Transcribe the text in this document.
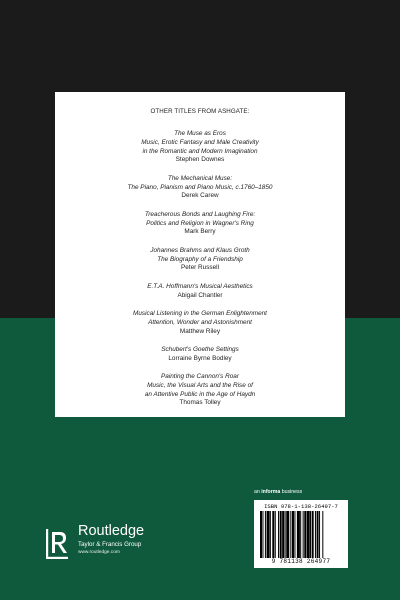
OTHER TITLES FROM ASHGATE:
The Muse as Eros
Music, Erotic Fantasy and Male Creativity
in the Romantic and Modern Imagination
Stephen Downes
The Mechanical Muse:
The Piano, Pianism and Piano Music, c.1760–1850
Derek Carew
Treacherous Bonds and Laughing Fire:
Politics and Religion in Wagner's Ring
Mark Berry
Johannes Brahms and Klaus Groth
The Biography of a Friendship
Peter Russell
E.T.A. Hoffmann's Musical Aesthetics
Abigail Chantler
Musical Listening in the German Enlightenment
Attention, Wonder and Astonishment
Matthew Riley
Schubert's Goethe Settings
Lorraine Byrne Bodley
Painting the Cannon's Roar
Music, the Visual Arts and the Rise of
an Attentive Public in the Age of Haydn
Thomas Tolley
an informa business
ISBN 978-1-138-26497-7
9 781138 264977
Routledge
Taylor & Francis Group
www.routledge.com
